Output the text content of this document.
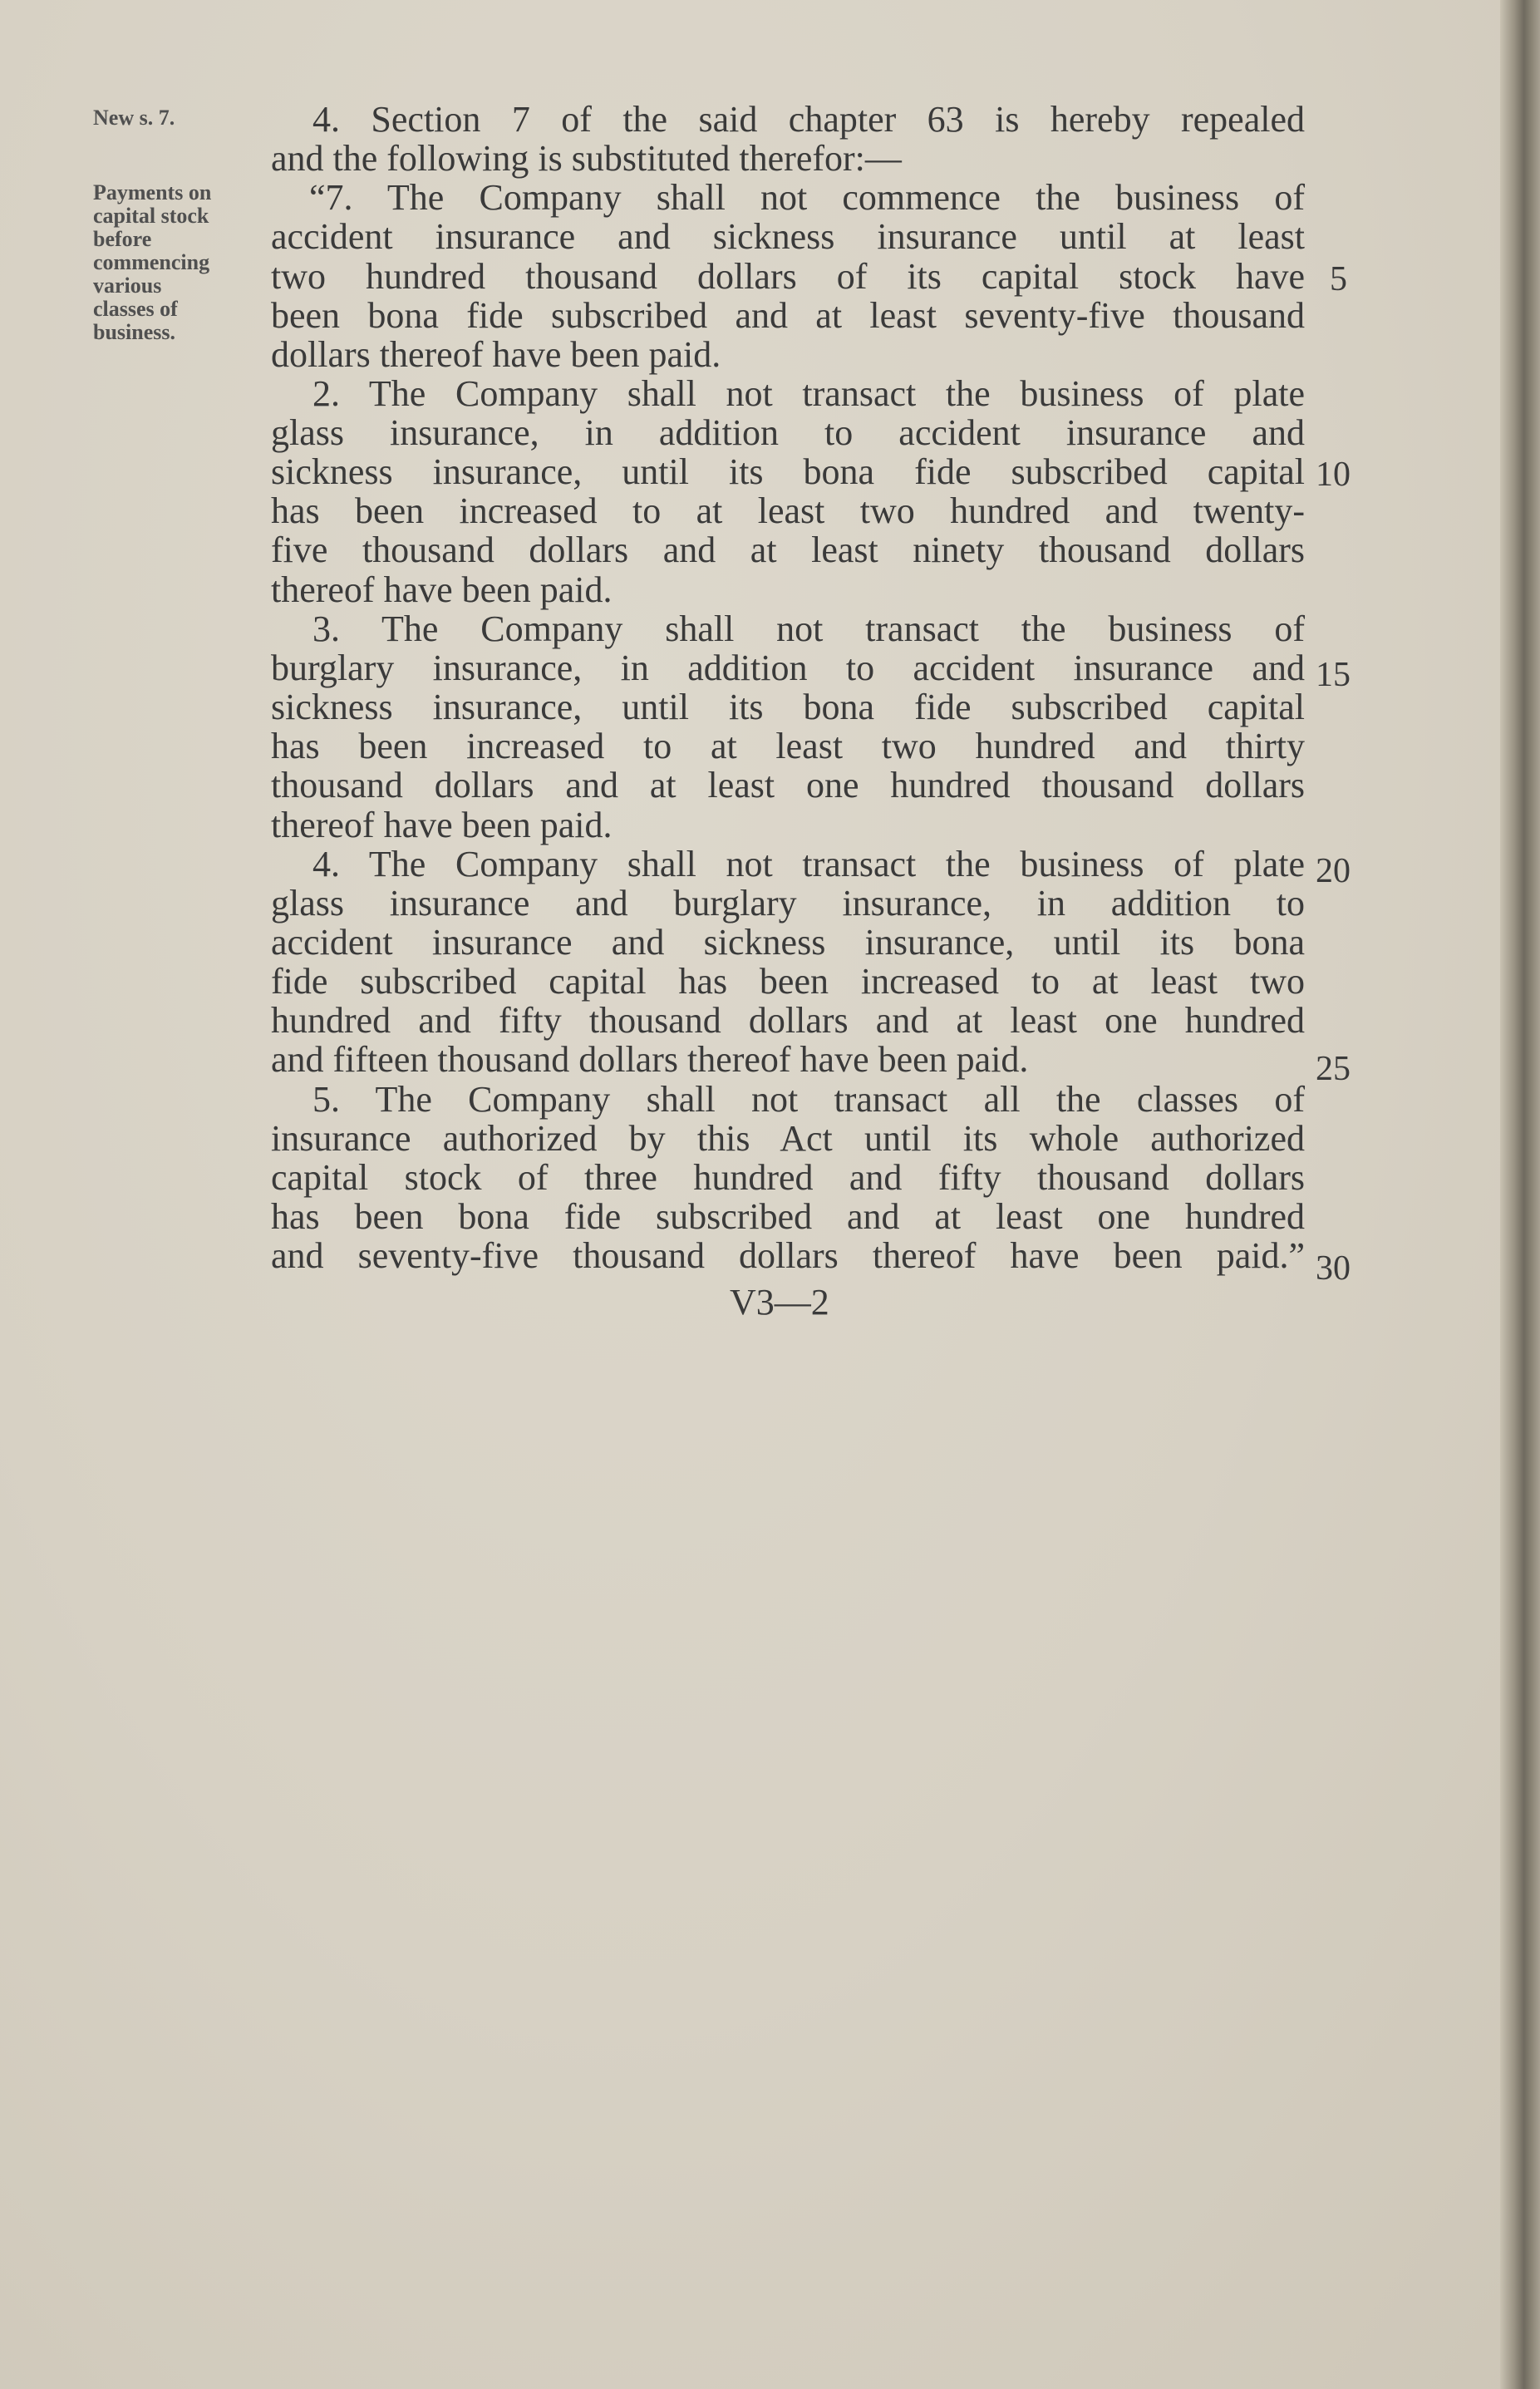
New s. 7.
Payments on
capital stock
before
commencing
various
classes of
business.
4. Section 7 of the said chapter 63 is hereby repealed
and the following is substituted therefor:—
“7. The Company shall not commence the business of
accident insurance and sickness insurance until at least
two hundred thousand dollars of its capital stock have
been bona fide subscribed and at least seventy-five thousand
dollars thereof have been paid.
2. The Company shall not transact the business of plate
glass insurance, in addition to accident insurance and
sickness insurance, until its bona fide subscribed capital
has been increased to at least two hundred and twenty-
five thousand dollars and at least ninety thousand dollars
thereof have been paid.
3. The Company shall not transact the business of
burglary insurance, in addition to accident insurance and
sickness insurance, until its bona fide subscribed capital
has been increased to at least two hundred and thirty
thousand dollars and at least one hundred thousand dollars
thereof have been paid.
4. The Company shall not transact the business of plate
glass insurance and burglary insurance, in addition to
accident insurance and sickness insurance, until its bona
fide subscribed capital has been increased to at least two
hundred and fifty thousand dollars and at least one hundred
and fifteen thousand dollars thereof have been paid.
5. The Company shall not transact all the classes of
insurance authorized by this Act until its whole authorized
capital stock of three hundred and fifty thousand dollars
has been bona fide subscribed and at least one hundred
and seventy-five thousand dollars thereof have been paid.”
5
10
15
20
25
30
V3—2
